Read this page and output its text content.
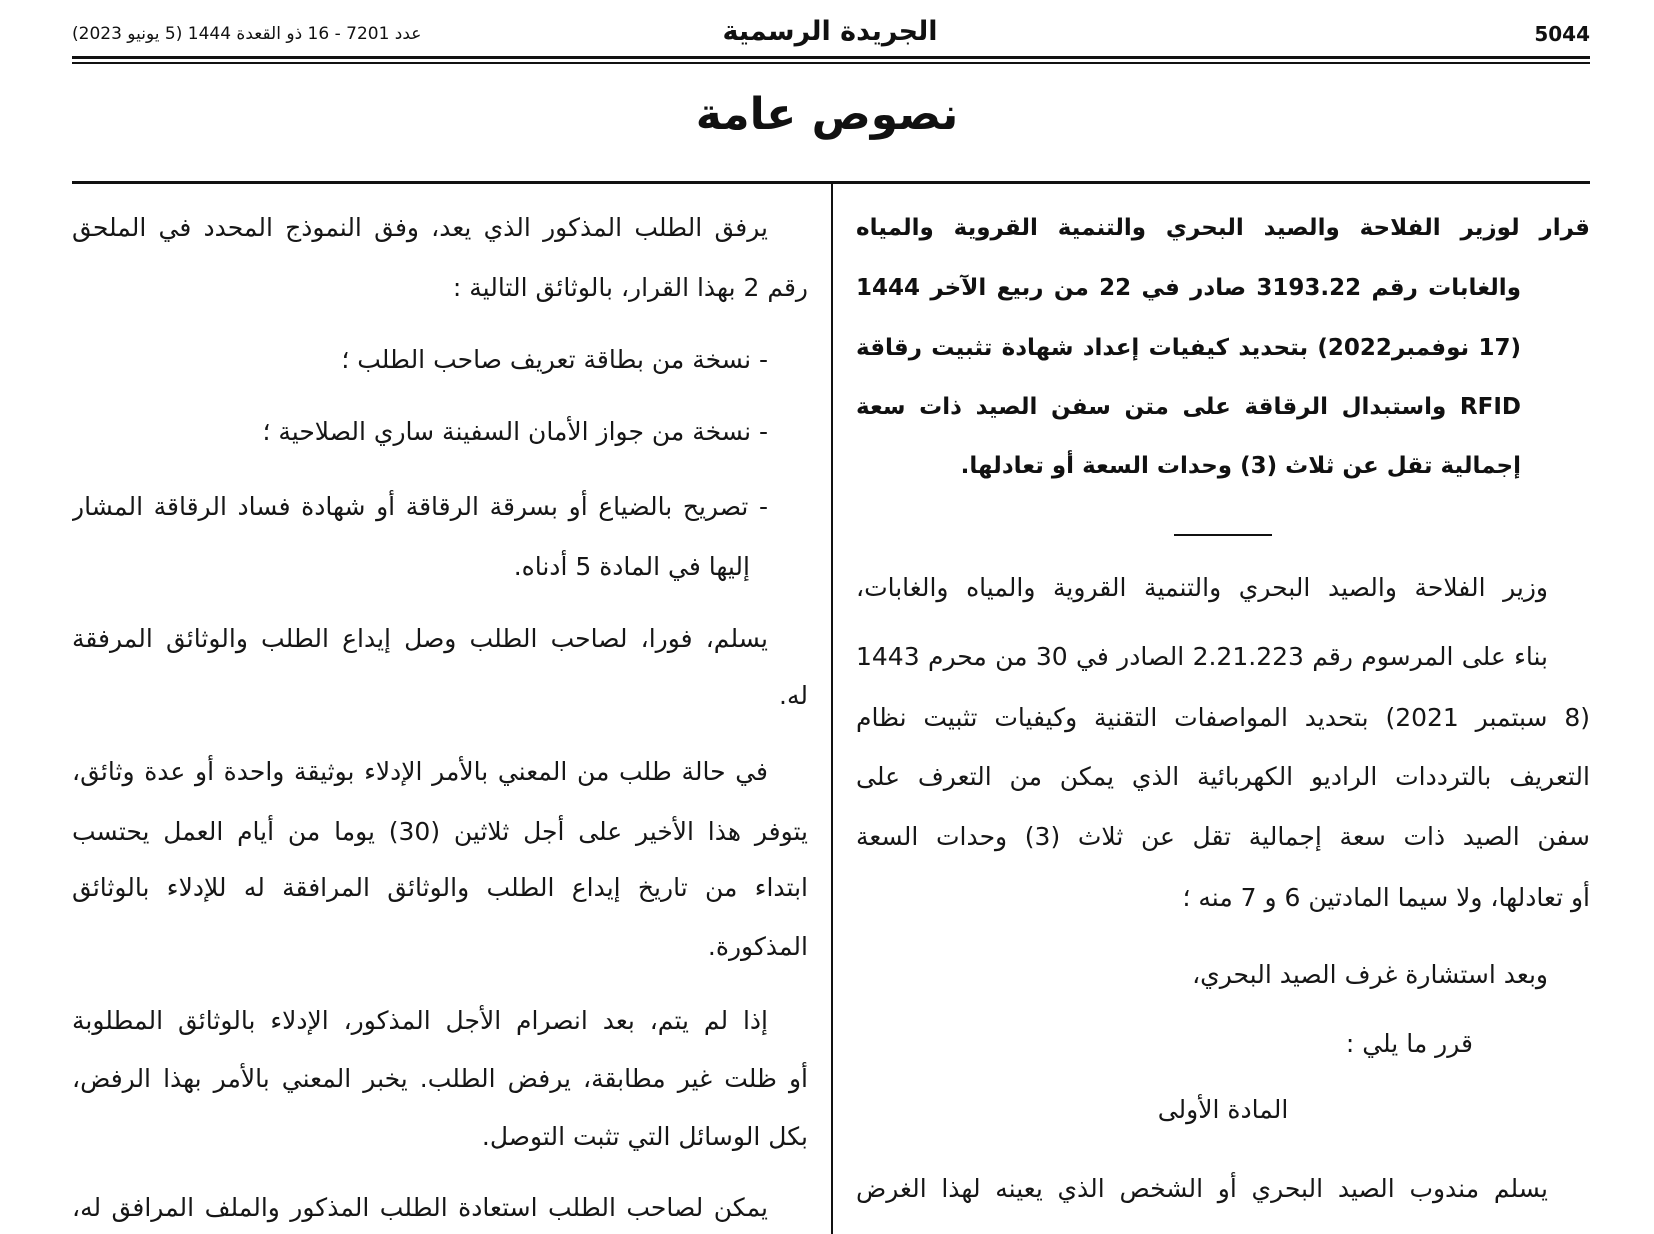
5044
الجريدة الرسمية
عدد 7201 - 16 ذو القعدة 1444 (5 يونيو 2023)
نصوص عامة
قرار لوزير الفلاحة والصيد البحري والتنمية القروية والمياه
والغابات رقم 3193.22 صادر في 22 من ربيع الآخر 1444
(17 نوفمبر2022) بتحديد كيفيات إعداد شهادة تثبيت رقاقة
RFID واستبدال الرقاقة على متن سفن الصيد ذات سعة
إجمالية تقل عن ثلاث (3) وحدات السعة أو تعادلها.
وزير الفلاحة والصيد البحري والتنمية القروية والمياه والغابات،
بناء على المرسوم رقم 2.21.223 الصادر في 30 من محرم 1443
(8 سبتمبر 2021) بتحديد المواصفات التقنية وكيفيات تثبيت نظام
التعريف بالترددات الراديو الكهربائية الذي يمكن من التعرف على
سفن الصيد ذات سعة إجمالية تقل عن ثلاث (3) وحدات السعة
أو تعادلها، ولا سيما المادتين 6 و 7 منه ؛
وبعد استشارة غرف الصيد البحري،
قرر ما يلي :
المادة الأولى
يسلم مندوب الصيد البحري أو الشخص الذي يعينه لهذا الغرض
يرفق الطلب المذكور الذي يعد، وفق النموذج المحدد في الملحق
رقم 2 بهذا القرار، بالوثائق التالية :
- نسخة من بطاقة تعريف صاحب الطلب ؛
- نسخة من جواز الأمان السفينة ساري الصلاحية ؛
- تصريح بالضياع أو بسرقة الرقاقة أو شهادة فساد الرقاقة المشار
إليها في المادة 5 أدناه.
يسلم، فورا، لصاحب الطلب وصل إيداع الطلب والوثائق المرفقة
له.
في حالة طلب من المعني بالأمر الإدلاء بوثيقة واحدة أو عدة وثائق،
يتوفر هذا الأخير على أجل ثلاثين (30) يوما من أيام العمل يحتسب
ابتداء من تاريخ إيداع الطلب والوثائق المرافقة له للإدلاء بالوثائق
المذكورة.
إذا لم يتم، بعد انصرام الأجل المذكور، الإدلاء بالوثائق المطلوبة
أو ظلت غير مطابقة، يرفض الطلب. يخبر المعني بالأمر بهذا الرفض،
بكل الوسائل التي تثبت التوصل.
يمكن لصاحب الطلب استعادة الطلب المذكور والملف المرافق له،
